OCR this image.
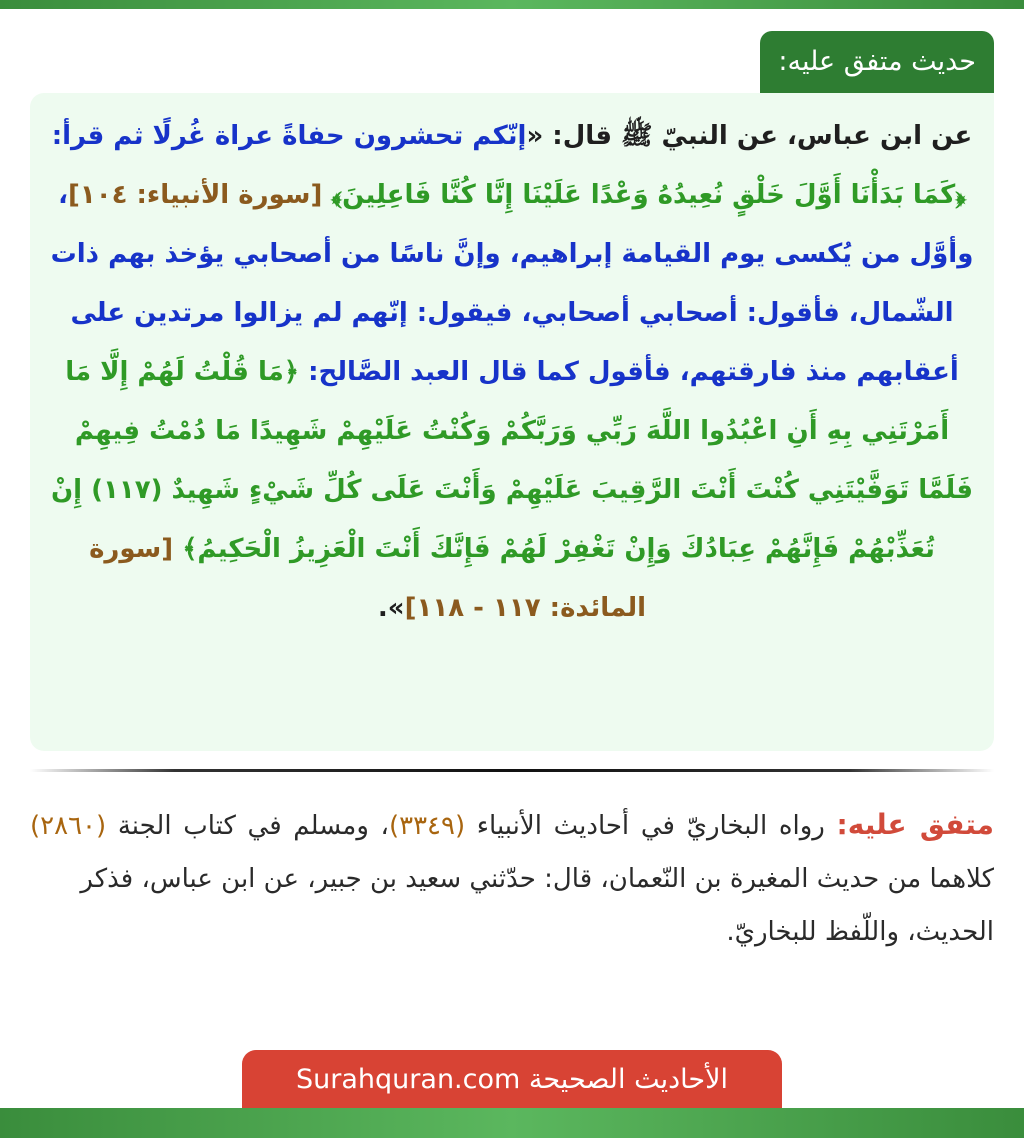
حديث متفق عليه:
عن ابن عباس، عن النبيّ ﷺ قال: «إنّكم تحشرون حفاةً عراة غُرلًا ثم قرأ: ﴿كَمَا بَدَأْنَا أَوَّلَ خَلْقٍ نُعِيدُهُ وَعْدًا عَلَيْنَا إِنَّا كُنَّا فَاعِلِينَ﴾ [سورة الأنبياء: ١٠٤]، وأوَّل من يُكسى يوم القيامة إبراهيم، وإنَّ ناسًا من أصحابي يؤخذ بهم ذات الشّمال، فأقول: أصحابي أصحابي، فيقول: إنّهم لم يزالوا مرتدين على أعقابهم منذ فارقتهم، فأقول كما قال العبد الصَّالح: ﴿مَا قُلْتُ لَهُمْ إِلَّا مَا أَمَرْتَنِي بِهِ أَنِ اعْبُدُوا اللَّهَ رَبِّي وَرَبَّكُمْ وَكُنْتُ عَلَيْهِمْ شَهِيدًا مَا دُمْتُ فِيهِمْ فَلَمَّا تَوَفَّيْتَنِي كُنْتَ أَنْتَ الرَّقِيبَ عَلَيْهِمْ وَأَنْتَ عَلَى كُلِّ شَيْءٍ شَهِيدٌ (١١٧) إِنْ تُعَذِّبْهُمْ فَإِنَّهُمْ عِبَادُكَ وَإِنْ تَغْفِرْ لَهُمْ فَإِنَّكَ أَنْتَ الْعَزِيزُ الْحَكِيمُ﴾ [سورة المائدة: ١١٧ - ١١٨]».
متفق عليه: رواه البخاريّ في أحاديث الأنبياء (٣٣٤٩)، ومسلم في كتاب الجنة (٢٨٦٠) كلاهما من حديث المغيرة بن النّعمان، قال: حدّثني سعيد بن جبير، عن ابن عباس، فذكر
الحديث، واللّفظ للبخاريّ.
الأحاديث الصحيحة Surahquran.com
